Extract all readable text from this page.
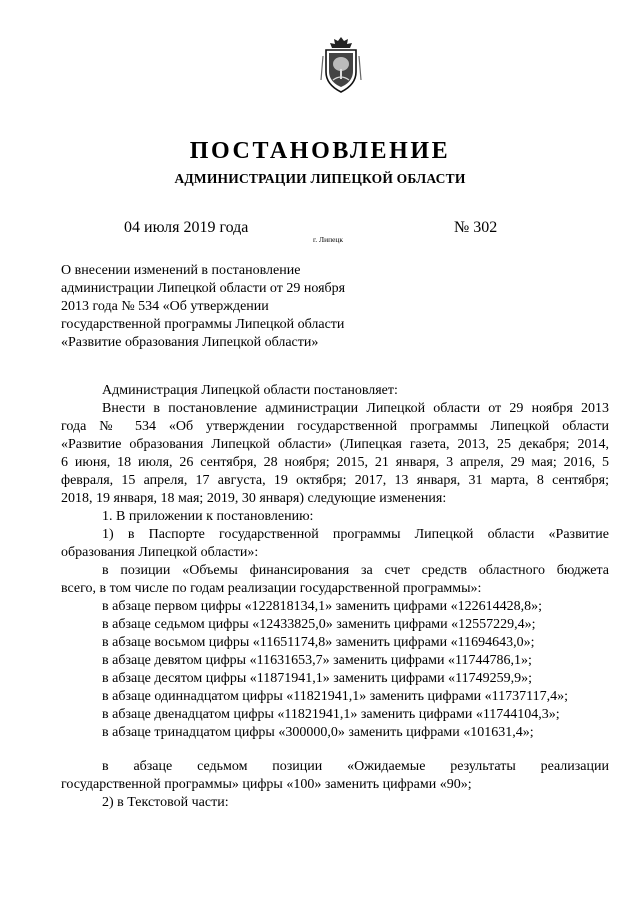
ПОСТАНОВЛЕНИЕ
АДМИНИСТРАЦИИ ЛИПЕЦКОЙ ОБЛАСТИ
04 июля 2019 года
г. Липецк
№ 302
О внесении изменений в постановление
администрации Липецкой области от 29 ноября
2013 года № 534 «Об утверждении
государственной программы Липецкой области
«Развитие образования Липецкой области»
Администрация Липецкой области постановляет:
Внести в постановление администрации Липецкой области от 29 ноября 2013
года № 534 «Об утверждении государственной программы Липецкой области
«Развитие образования Липецкой области» (Липецкая газета, 2013, 25 декабря; 2014,
6 июня, 18 июля, 26 сентября, 28 ноября; 2015, 21 января, 3 апреля, 29 мая; 2016, 5
февраля, 15 апреля, 17 августа, 19 октября; 2017, 13 января, 31 марта, 8 сентября;
2018, 19 января, 18 мая; 2019, 30 января) следующие изменения:
1. В приложении к постановлению:
1) в Паспорте государственной программы Липецкой области «Развитие
образования Липецкой области»:
в позиции «Объемы финансирования за счет средств областного бюджета
всего, в том числе по годам реализации государственной программы»:
в абзаце первом цифры «122818134,1» заменить цифрами «122614428,8»;
в абзаце седьмом цифры «12433825,0» заменить цифрами «12557229,4»;
в абзаце восьмом цифры «11651174,8» заменить цифрами «11694643,0»;
в абзаце девятом цифры «11631653,7» заменить цифрами «11744786,1»;
в абзаце десятом цифры «11871941,1» заменить цифрами «11749259,9»;
в абзаце одиннадцатом цифры «11821941,1» заменить цифрами «11737117,4»;
в абзаце двенадцатом цифры «11821941,1» заменить цифрами «11744104,3»;
в абзаце тринадцатом цифры «300000,0» заменить цифрами «101631,4»;
в абзаце седьмом позиции «Ожидаемые результаты реализации
государственной программы» цифры «100» заменить цифрами «90»;
2) в Текстовой части:
